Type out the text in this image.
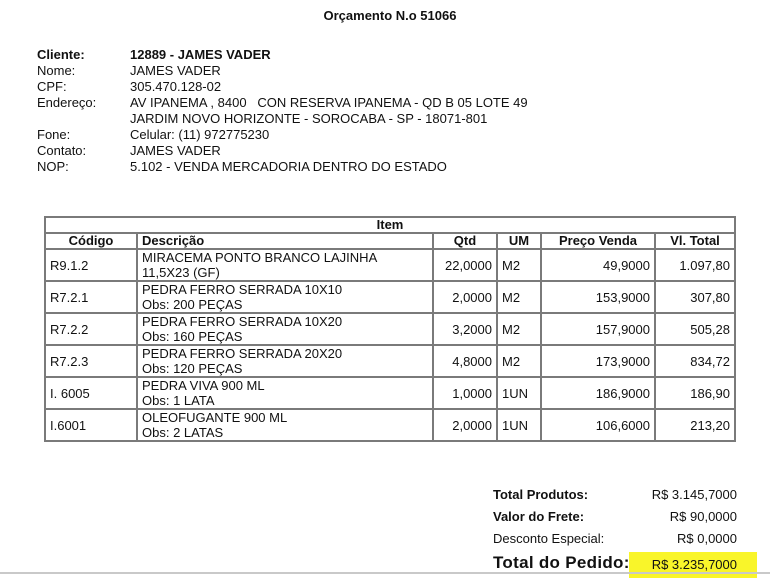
Orçamento N.o 51066
Cliente:	12889 - JAMES VADER
Nome:	JAMES VADER
CPF:	305.470.128-02
Endereço:	AV IPANEMA , 8400   CON RESERVA IPANEMA - QD B 05 LOTE 49
JARDIM NOVO HORIZONTE - SOROCABA - SP - 18071-801
Fone:	Celular: (11) 972775230
Contato:	JAMES VADER
NOP:	5.102 - VENDA MERCADORIA DENTRO DO ESTADO
Item					
Código	Descrição	Qtd	UM	Preço Venda	Vl. Total
R9.1.2	MIRACEMA PONTO BRANCO LAJINHA
11,5X23 (GF)	22,0000	M2	49,9000	1.097,80
R7.2.1	PEDRA FERRO SERRADA 10X10
Obs: 200 PEÇAS	2,0000	M2	153,9000	307,80
R7.2.2	PEDRA FERRO SERRADA 10X20
Obs: 160 PEÇAS	3,2000	M2	157,9000	505,28
R7.2.3	PEDRA FERRO SERRADA 20X20
Obs: 120 PEÇAS	4,8000	M2	173,9000	834,72
I. 6005	PEDRA VIVA 900 ML
Obs: 1 LATA	1,0000	1UN	186,9000	186,90
I.6001	OLEOFUGANTE 900 ML
Obs: 2 LATAS	2,0000	1UN	106,6000	213,20
Total Produtos:	R$ 3.145,7000
Valor do Frete:	R$ 90,0000
Desconto Especial:	R$ 0,0000
Total do Pedido: R$ 3.235,7000
